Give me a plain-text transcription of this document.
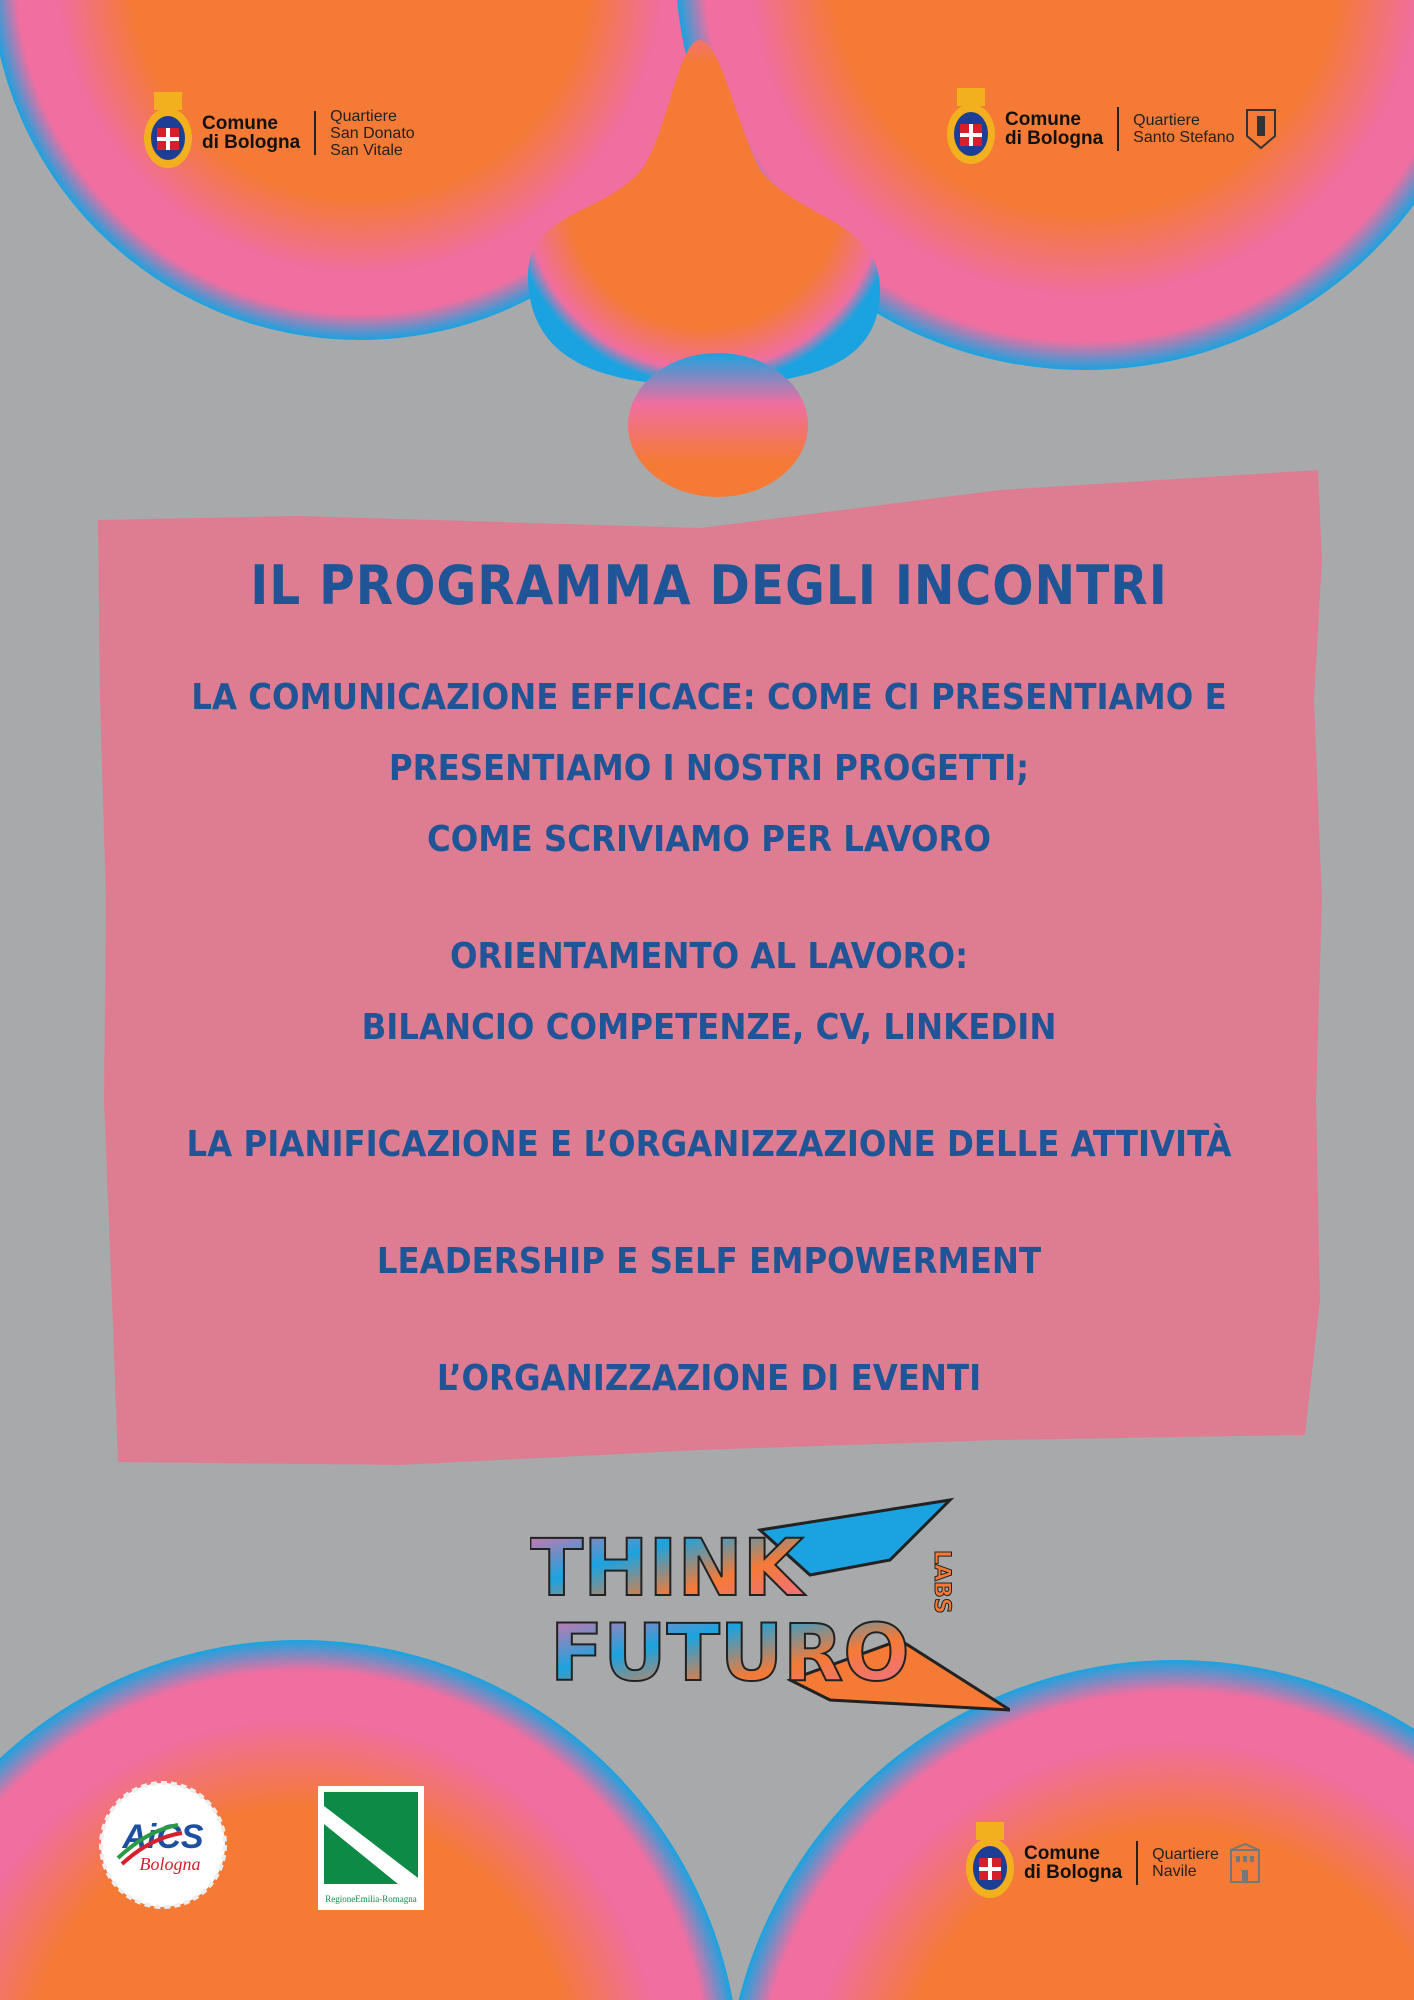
Comune
di Bologna
Quartiere
San Donato
San Vitale
Comune
di Bologna
Quartiere
Santo Stefano
IL PROGRAMMA DEGLI INCONTRI
LA COMUNICAZIONE EFFICACE: COME CI PRESENTIAMO E
PRESENTIAMO I NOSTRI PROGETTI;
COME SCRIVIAMO PER LAVORO
ORIENTAMENTO AL LAVORO:
BILANCIO COMPETENZE, CV, LINKEDIN
LA PIANIFICAZIONE E L’ORGANIZZAZIONE DELLE ATTIVITÀ
LEADERSHIP E SELF EMPOWERMENT
L’ORGANIZZAZIONE DI EVENTI
THINK
FUTURO
LABS
AiCS
Bologna
RegioneEmilia-Romagna
Comune
di Bologna
Quartiere
Navile
